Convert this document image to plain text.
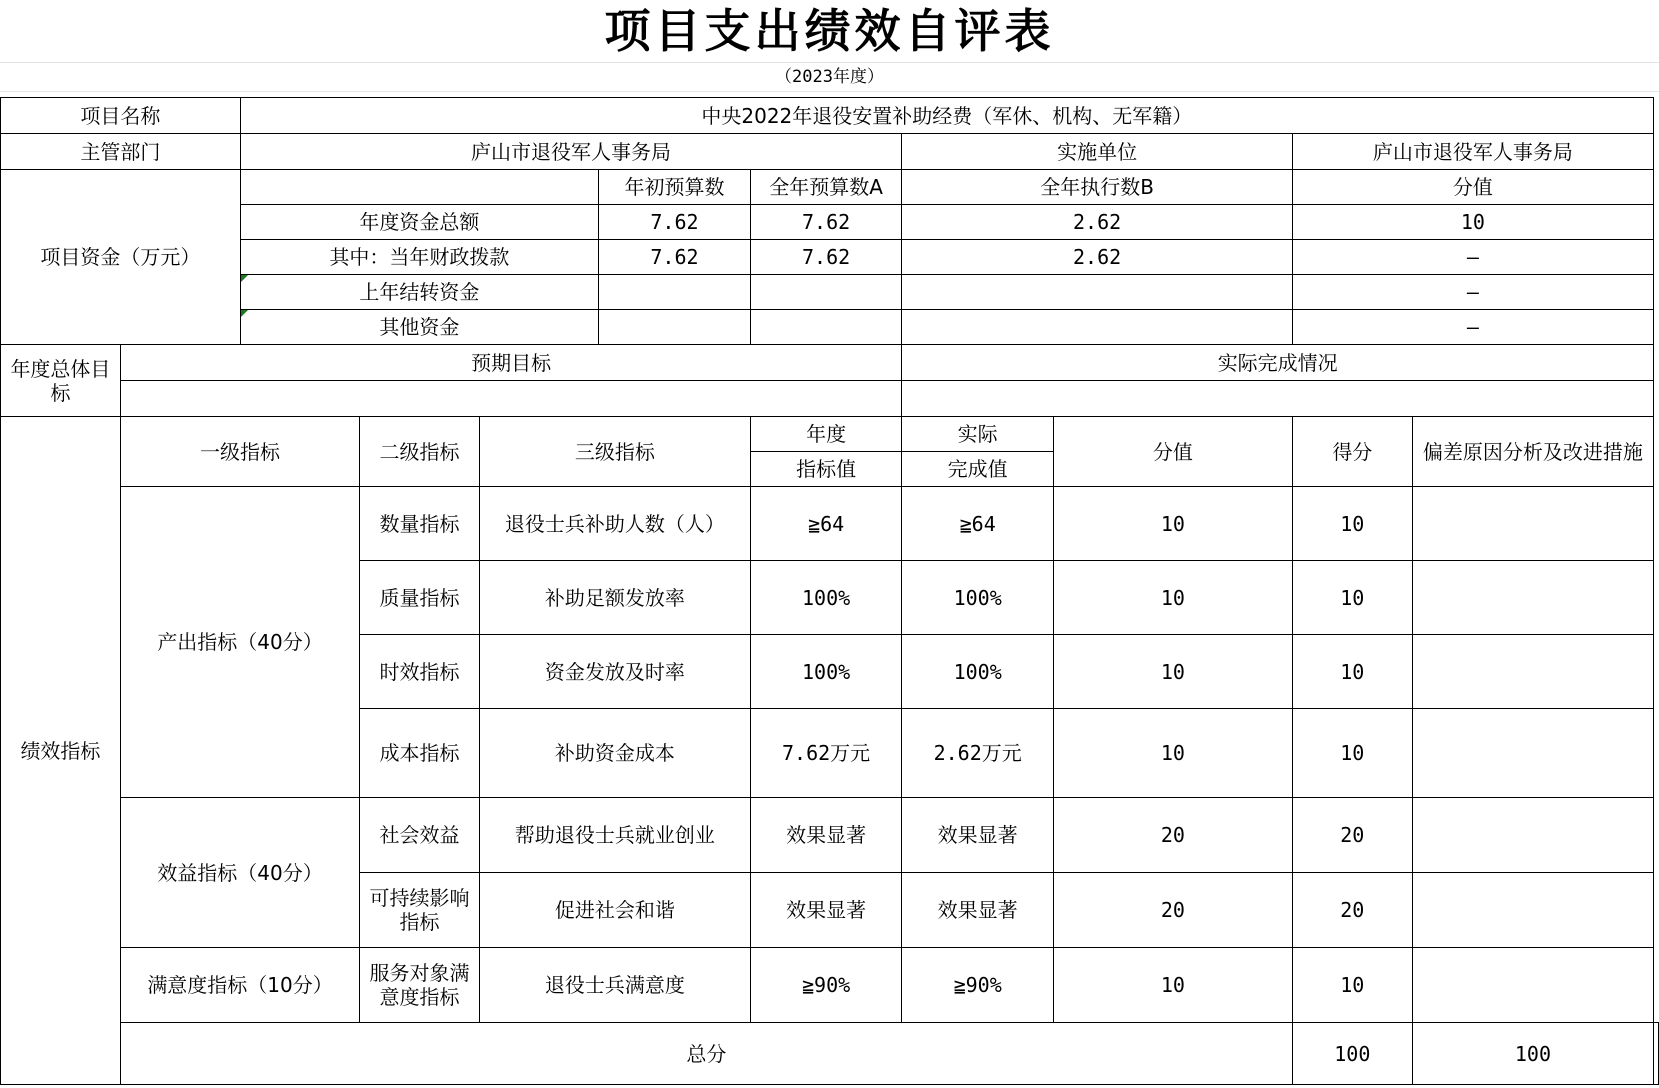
项目支出绩效自评表
（2023年度）
项目名称		中央2022年退役安置补助经费（军休、机构、无军籍）									
主管部门		庐山市退役军人事务局					实施单位		庐山市退役军人事务局		
项目资金（万元）					年初预算数	全年预算数A	全年执行数B		分值		
		年度资金总额			7.62	7.62	2.62		10		
		其中：当年财政拨款			7.62	7.62	2.62		—		
		上年结转资金							—		
		其他资金							—		
年度总体目标	预期目标						实际完成情况				

绩效指标	一级指标		二级指标	三级指标		年度	实际	分值	得分	偏差原因分析及改进措施	
						指标值	完成值				
	产出指标（40分）		数量指标	退役士兵补助人数（人）		≧64	≧64	10	10		
			质量指标	补助足额发放率		100%	100%	10	10		
			时效指标	资金发放及时率		100%	100%	10	10		
			成本指标	补助资金成本		7.62万元	2.62万元	10	10		
	效益指标（40分）		社会效益	帮助退役士兵就业创业		效果显著	效果显著	20	20		
			可持续影响指标	促进社会和谐		效果显著	效果显著	20	20		
	满意度指标（10分）		服务对象满意度指标	退役士兵满意度		≧90%	≧90%	10	10		
	总分								100	100	
